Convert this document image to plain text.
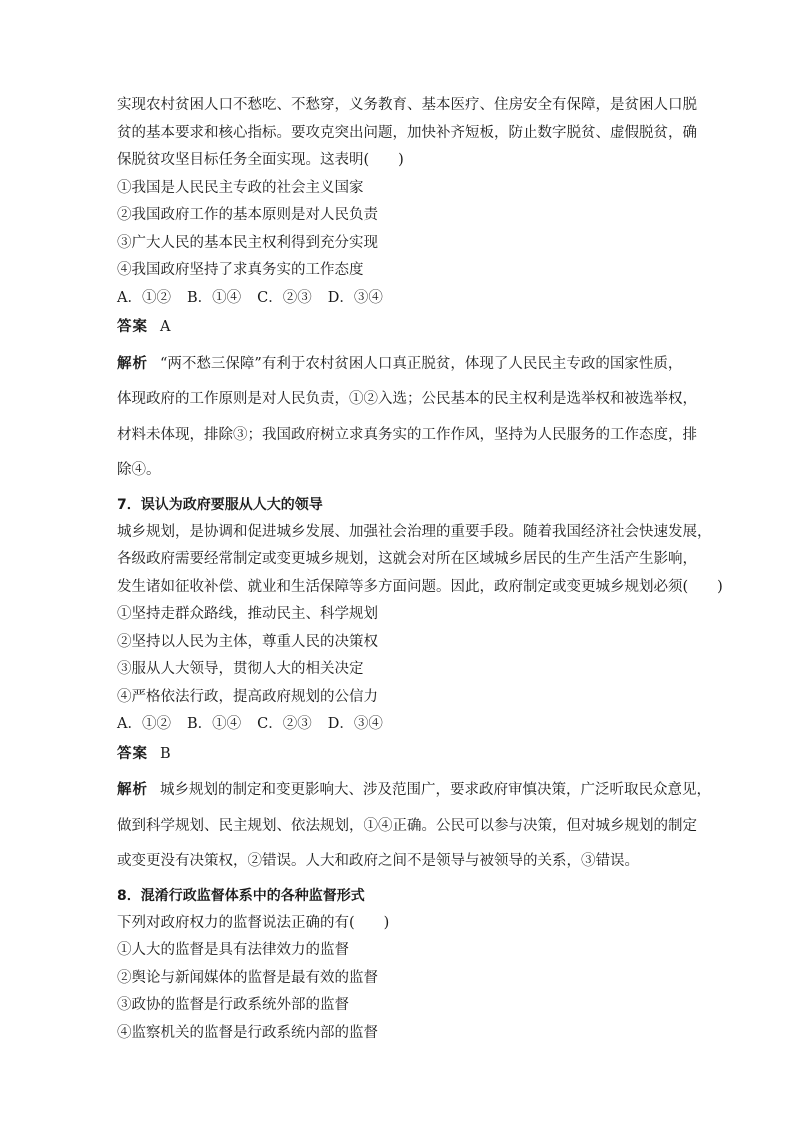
实现农村贫困人口不愁吃、不愁穿，义务教育、基本医疗、住房安全有保障，是贫困人口脱
贫的基本要求和核心指标。要攻克突出问题，加快补齐短板，防止数字脱贫、虚假脱贫，确
保脱贫攻坚目标任务全面实现。这表明(　　)
①我国是人民民主专政的社会主义国家
②我国政府工作的基本原则是对人民负责
③广大人民的基本民主权利得到充分实现
④我国政府坚持了求真务实的工作态度
A．①② B．①④ C．②③ D．③④
答案 A
解析 “两不愁三保障”有利于农村贫困人口真正脱贫，体现了人民民主专政的国家性质，
体现政府的工作原则是对人民负责，①②入选；公民基本的民主权利是选举权和被选举权，
材料未体现，排除③；我国政府树立求真务实的工作作风，坚持为人民服务的工作态度，排
除④。
7．误认为政府要服从人大的领导
城乡规划，是协调和促进城乡发展、加强社会治理的重要手段。随着我国经济社会快速发展，
各级政府需要经常制定或变更城乡规划，这就会对所在区域城乡居民的生产生活产生影响，
发生诸如征收补偿、就业和生活保障等多方面问题。因此，政府制定或变更城乡规划必须(　　)
①坚持走群众路线，推动民主、科学规划
②坚持以人民为主体，尊重人民的决策权
③服从人大领导，贯彻人大的相关决定
④严格依法行政，提高政府规划的公信力
A．①② B．①④ C．②③ D．③④
答案 B
解析 城乡规划的制定和变更影响大、涉及范围广，要求政府审慎决策，广泛听取民众意见，
做到科学规划、民主规划、依法规划，①④正确。公民可以参与决策，但对城乡规划的制定
或变更没有决策权，②错误。人大和政府之间不是领导与被领导的关系，③错误。
8．混淆行政监督体系中的各种监督形式
下列对政府权力的监督说法正确的有(　　)
①人大的监督是具有法律效力的监督
②舆论与新闻媒体的监督是最有效的监督
③政协的监督是行政系统外部的监督
④监察机关的监督是行政系统内部的监督
